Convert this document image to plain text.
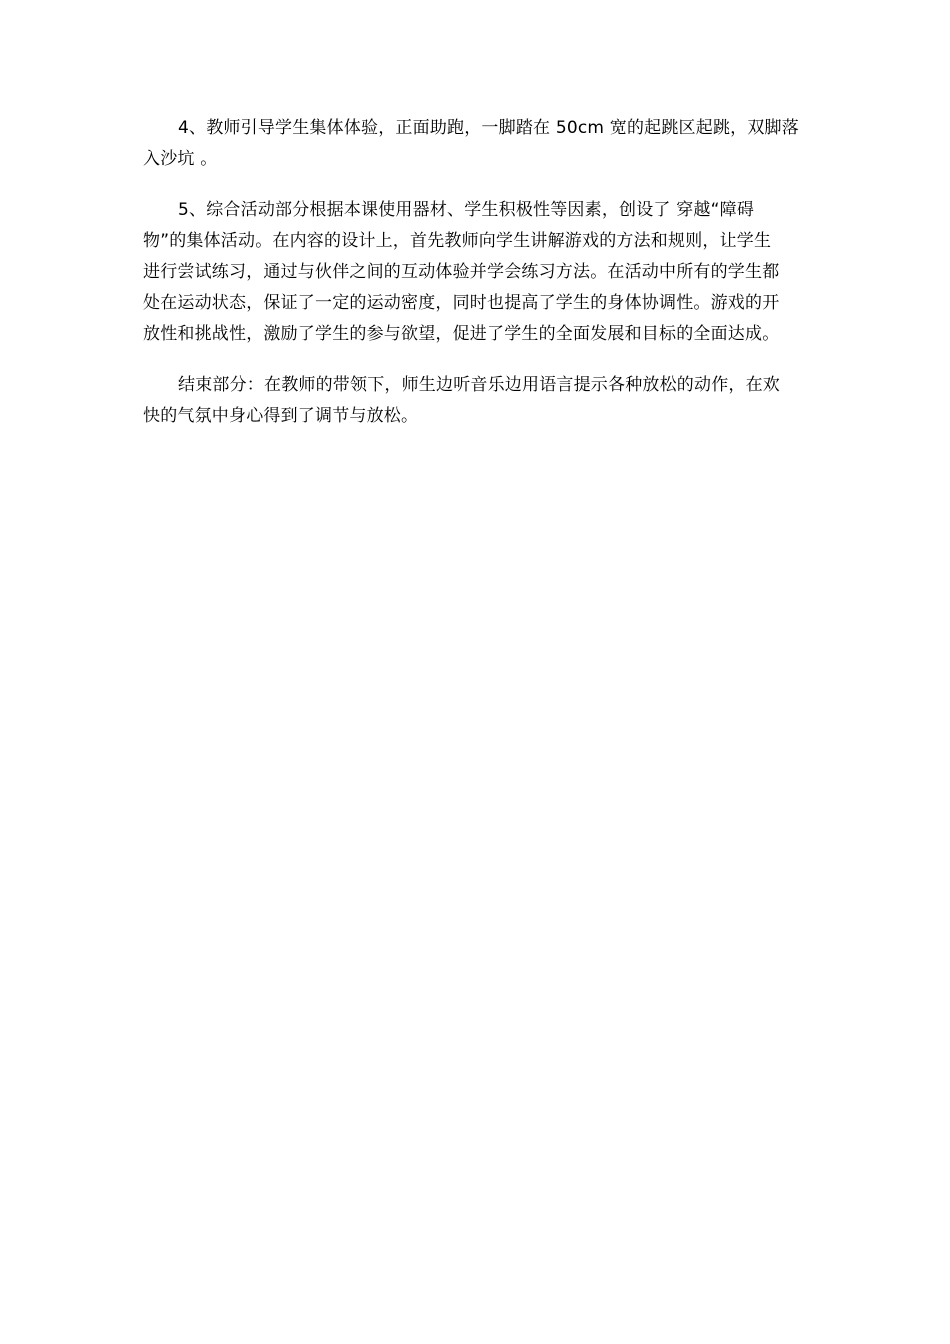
4、教师引导学生集体体验，正面助跑，一脚踏在 50cm 宽的起跳区起跳，双脚落
入沙坑 。

5、综合活动部分根据本课使用器材、学生积极性等因素，创设了 穿越“障碍
物”的集体活动。在内容的设计上，首先教师向学生讲解游戏的方法和规则，让学生
进行尝试练习，通过与伙伴之间的互动体验并学会练习方法。在活动中所有的学生都
处在运动状态，保证了一定的运动密度，同时也提高了学生的身体协调性。游戏的开
放性和挑战性，激励了学生的参与欲望，促进了学生的全面发展和目标的全面达成。

结束部分：在教师的带领下，师生边听音乐边用语言提示各种放松的动作，在欢
快的气氛中身心得到了调节与放松。
